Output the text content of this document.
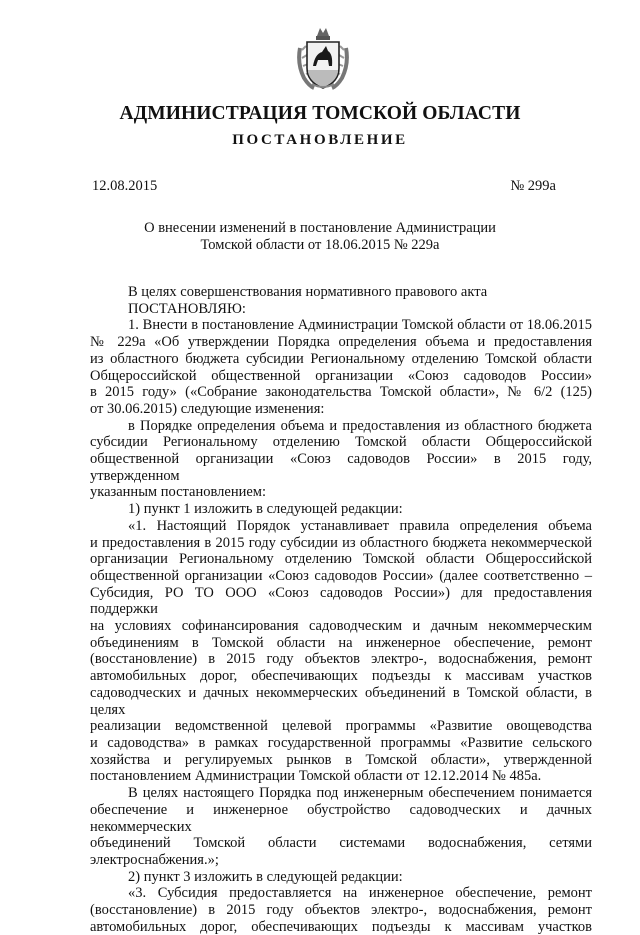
АДМИНИСТРАЦИЯ ТОМСКОЙ ОБЛАСТИ
ПОСТАНОВЛЕНИЕ
12.08.2015	№ 299а
О внесении изменений в постановление Администрации
Томской области от 18.06.2015 № 229а

В целях совершенствования нормативного правового акта

ПОСТАНОВЛЯЮ:

1. Внести в постановление Администрации Томской области от 18.06.2015

№ 229а «Об утверждении Порядка определения объема и предоставления

из областного бюджета субсидии Региональному отделению Томской области

Общероссийской общественной организации «Союз садоводов России»

в 2015 году» («Собрание законодательства Томской области», № 6/2 (125)

от 30.06.2015) следующие изменения:

в Порядке определения объема и предоставления из областного бюджета

субсидии Региональному отделению Томской области Общероссийской

общественной организации «Союз садоводов России» в 2015 году, утвержденном

указанным постановлением:

1) пункт 1 изложить в следующей редакции:

«1. Настоящий Порядок устанавливает правила определения объема

и предоставления в 2015 году субсидии из областного бюджета некоммерческой

организации Региональному отделению Томской области Общероссийской

общественной организации «Союз садоводов России» (далее соответственно –

Субсидия, РО ТО ООО «Союз садоводов России») для предоставления поддержки

на условиях софинансирования садоводческим и дачным некоммерческим

объединениям в Томской области на инженерное обеспечение, ремонт

(восстановление) в 2015 году объектов электро-, водоснабжения, ремонт

автомобильных дорог, обеспечивающих подъезды к массивам участков

садоводческих и дачных некоммерческих объединений в Томской области, в целях

реализации ведомственной целевой программы «Развитие овощеводства

и садоводства» в рамках государственной программы «Развитие сельского

хозяйства и регулируемых рынков в Томской области», утвержденной

постановлением Администрации Томской области от 12.12.2014 № 485а.

В целях настоящего Порядка под инженерным обеспечением понимается

обеспечение и инженерное обустройство садоводческих и дачных некоммерческих

объединений Томской области системами водоснабжения, сетями

электроснабжения.»;

2) пункт 3 изложить в следующей редакции:

«3. Субсидия предоставляется на инженерное обеспечение, ремонт

(восстановление) в 2015 году объектов электро-, водоснабжения, ремонт

автомобильных дорог, обеспечивающих подъезды к массивам участков
